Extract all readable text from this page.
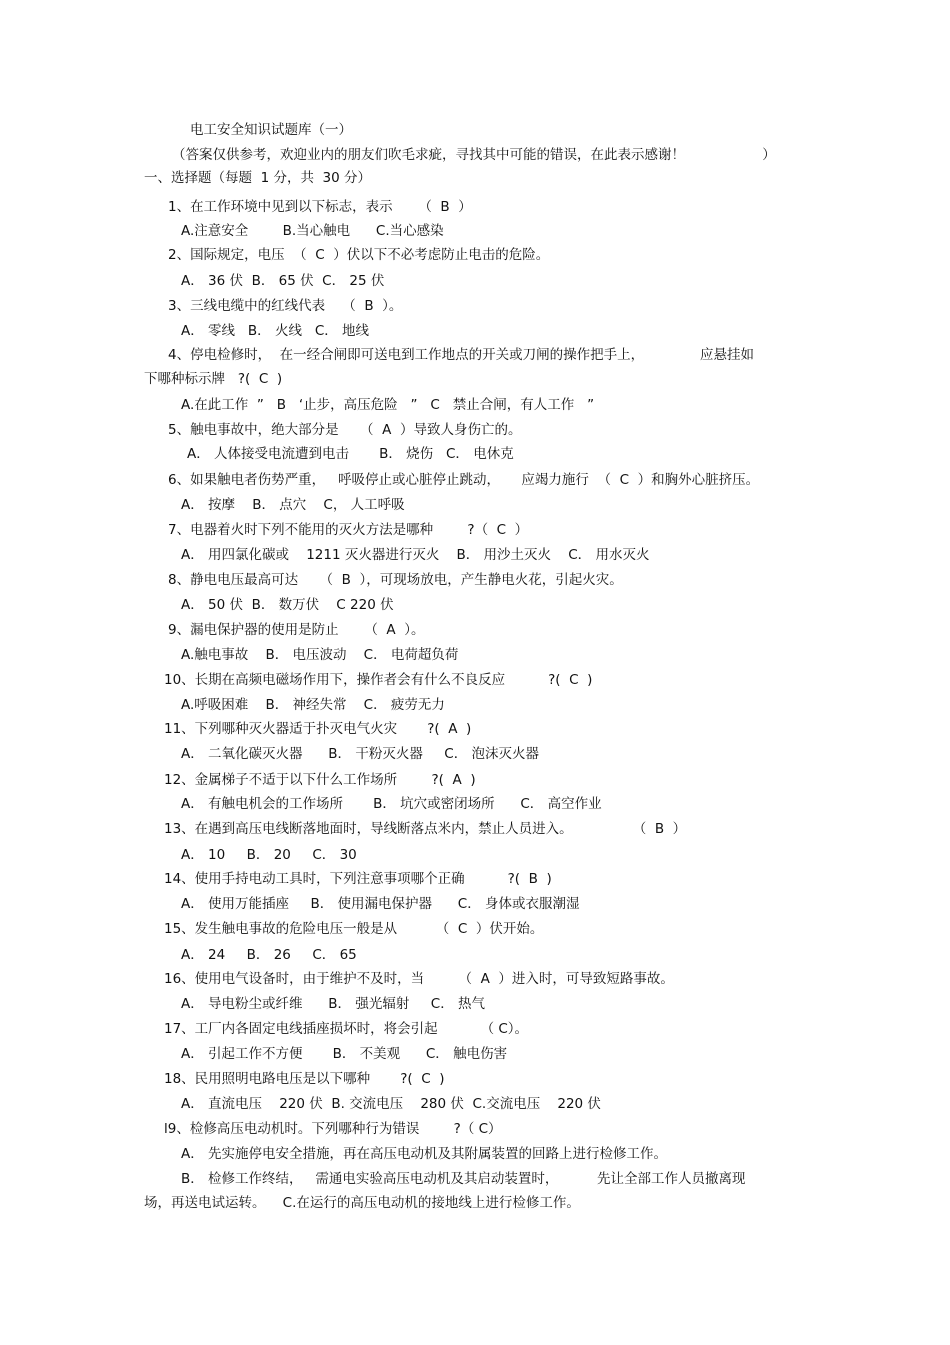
电工安全知识试题库（一）

（答案仅供参考，欢迎业内的朋友们吹毛求疵，寻找其中可能的错误，在此表示感谢！                  ）

一、选择题（每题  1 分，共  30 分）

1、在工作环境中见到以下标志，表示      （  B  ）

A.注意安全        B.当心触电      C.当心感染

2、国际规定，电压  （  C  ）伏以下不必考虑防止电击的危险。

A． 36 伏  B． 65 伏  C． 25 伏

3、三线电缆中的红线代表    （  B  ）。

A． 零线   B． 火线   C． 地线

4、停电检修时，  在一经合闸即可送电到工作地点的开关或刀闸的操作把手上，             应悬挂如

下哪种标示牌   ?(  C  )

A.在此工作  ”   B   ‘止步，高压危险   ”   C   禁止合闸，有人工作   ”

5、触电事故中，绝大部分是     （  A  ）导致人身伤亡的。

A． 人体接受电流遭到电击       B． 烧伤   C． 电休克

6、如果触电者伤势严重，   呼吸停止或心脏停止跳动，     应竭力施行  （  C  ）和胸外心脏挤压。

A． 按摩    B． 点穴    C， 人工呼吸

7、电器着火时下列不能用的灭火方法是哪种        ?（  C  ）

A． 用四氯化碳或    1211 灭火器进行灭火    B． 用沙土灭火    C． 用水灭火

8、静电电压最高可达     （  B  ），可现场放电，产生静电火花，引起火灾。

A． 50 伏  B． 数万伏    C 220 伏

9、漏电保护器的使用是防止      （  A  ）。

A.触电事故    B． 电压波动    C． 电荷超负荷

10、长期在高频电磁场作用下，操作者会有什么不良反应          ?(  C  )

A.呼吸困难    B． 神经失常    C． 疲劳无力

11、下列哪种灭火器适于扑灭电气火灾       ?(  A  )

A． 二氧化碳灭火器      B． 干粉灭火器     C． 泡沫灭火器

12、金属梯子不适于以下什么工作场所        ?(  A  )

A． 有触电机会的工作场所       B． 坑穴或密闭场所      C． 高空作业

13、在遇到高压电线断落地面时，导线断落点米内，禁止人员进入。              （  B  ）

A． 10     B． 20     C． 30

14、使用手持电动工具时，下列注意事项哪个正确          ?(  B  )

A． 使用万能插座     B． 使用漏电保护器      C． 身体或衣服潮湿

15、发生触电事故的危险电压一般是从         （  C  ）伏开始。

A． 24     B． 26     C． 65

16、使用电气设备时，由于维护不及时，当        （  A  ）进入时，可导致短路事故。

A． 导电粉尘或纤维      B． 强光辐射     C． 热气

17、工厂内各固定电线插座损坏时，将会引起          （ C）。

A． 引起工作不方便       B． 不美观      C． 触电伤害

18、民用照明电路电压是以下哪种       ?(  C  )

A． 直流电压    220 伏  B. 交流电压    280 伏  C.交流电压    220 伏

l9、检修高压电动机时。下列哪种行为错误        ?（ C）

A． 先实施停电安全措施，再在高压电动机及其附属装置的回路上进行检修工作。

B． 检修工作终结，   需通电实验高压电动机及其启动装置时，         先让全部工作人员撤离现

场，再送电试运转。    C.在运行的高压电动机的接地线上进行检修工作。
